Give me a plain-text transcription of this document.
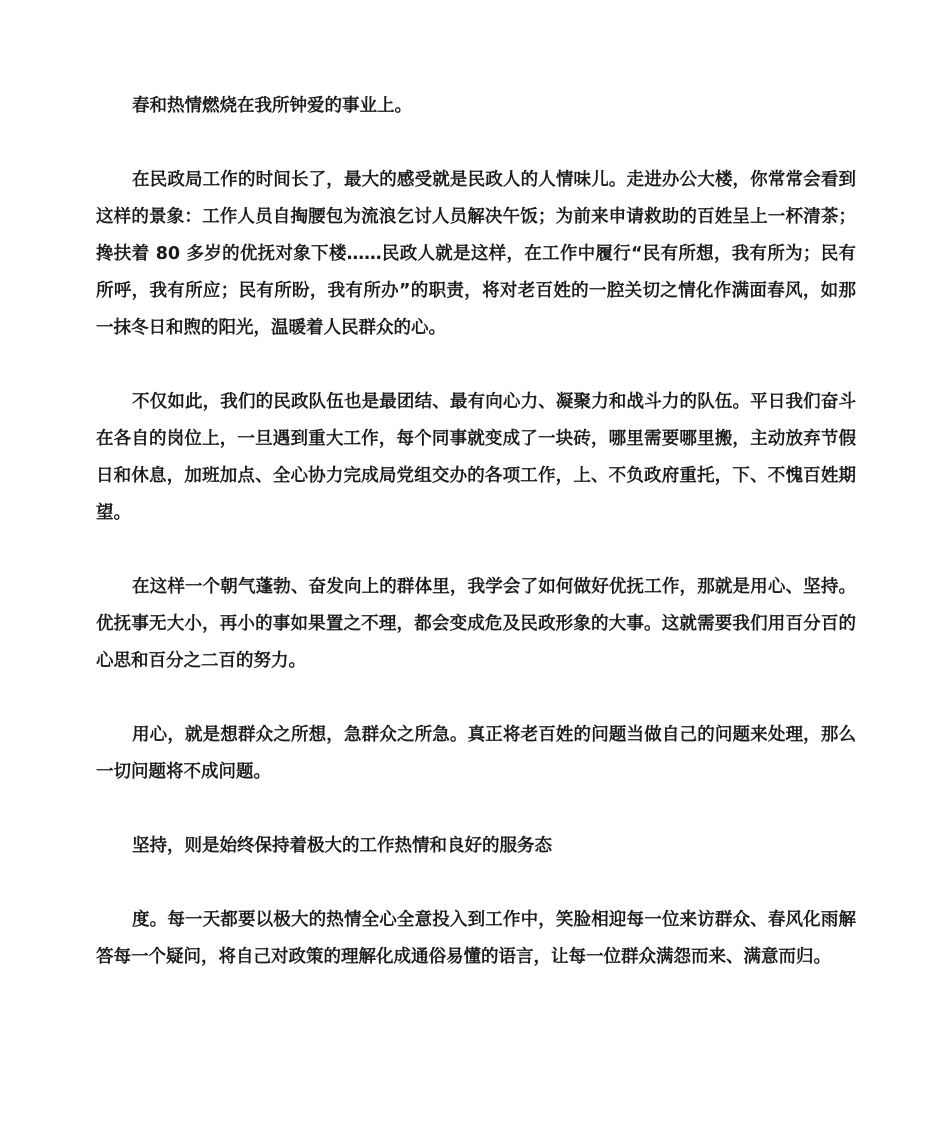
春和热情燃烧在我所钟爱的事业上。

在民政局工作的时间长了，最大的感受就是民政人的人情味儿。走进办公大楼，你常常会看到这样的景象：工作人员自掏腰包为流浪乞讨人员解决午饭；为前来申请救助的百姓呈上一杯清茶；搀扶着 80 多岁的优抚对象下楼……民政人就是这样，在工作中履行“民有所想，我有所为；民有所呼，我有所应；民有所盼，我有所办”的职责，将对老百姓的一腔关切之情化作满面春风，如那一抹冬日和煦的阳光，温暖着人民群众的心。

不仅如此，我们的民政队伍也是最团结、最有向心力、凝聚力和战斗力的队伍。平日我们奋斗在各自的岗位上，一旦遇到重大工作，每个同事就变成了一块砖，哪里需要哪里搬，主动放弃节假日和休息，加班加点、全心协力完成局党组交办的各项工作，上、不负政府重托，下、不愧百姓期望。

在这样一个朝气蓬勃、奋发向上的群体里，我学会了如何做好优抚工作，那就是用心、坚持。优抚事无大小，再小的事如果置之不理，都会变成危及民政形象的大事。这就需要我们用百分百的心思和百分之二百的努力。

用心，就是想群众之所想，急群众之所急。真正将老百姓的问题当做自己的问题来处理，那么一切问题将不成问题。

坚持，则是始终保持着极大的工作热情和良好的服务态

度。每一天都要以极大的热情全心全意投入到工作中，笑脸相迎每一位来访群众、春风化雨解答每一个疑问，将自己对政策的理解化成通俗易懂的语言，让每一位群众满怨而来、满意而归。
